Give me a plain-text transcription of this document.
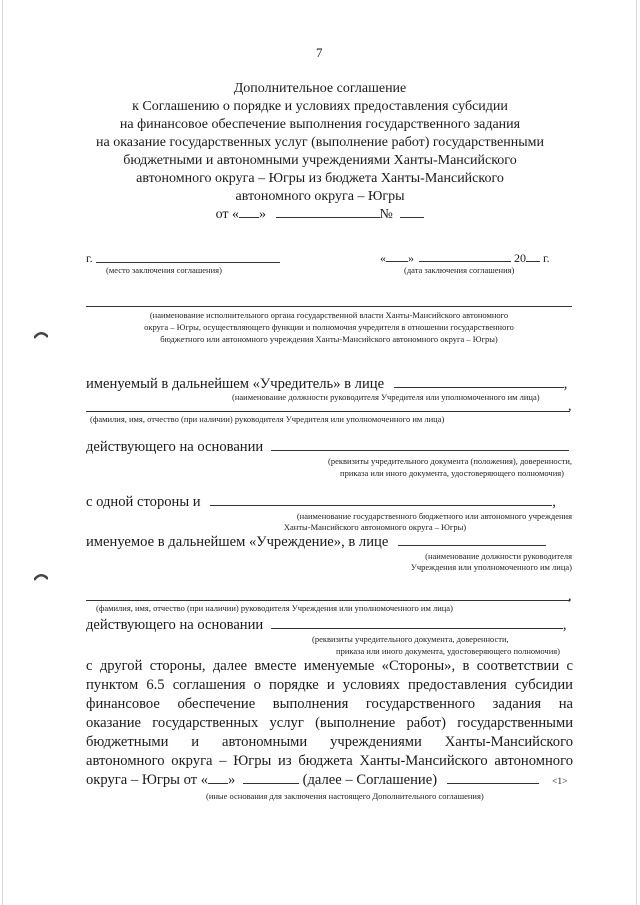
7
Дополнительное соглашение
к Соглашению о порядке и условиях предоставления субсидии
на финансовое обеспечение выполнения государственного задания
на оказание государственных услуг (выполнение работ) государственными
бюджетными и автономными учреждениями Ханты-Мансийского
автономного округа – Югры из бюджета Ханты-Мансийского
автономного округа – Югры
от « »	№
г.
(место заключения соглашения)
« »	20 г.
(дата заключения соглашения)
(наименование исполнительного органа государственной власти Ханты-Мансийского автономного
округа – Югры, осуществляющего функции и полномочия учредителя в отношении государственного
бюджетного или автономного учреждения Ханты-Мансийского автономного округа – Югры)
именуемый в дальнейшем «Учредитель» в лице	,
(наименование должности руководителя Учредителя или уполномоченного им лица)
,
(фамилия, имя, отчество (при наличии) руководителя Учредителя или уполномоченного им лица)
действующего на основании
(реквизиты учредительного документа (положения), доверенности,
приказа или иного документа, удостоверяющего полномочия)
с одной стороны и	,
(наименование государственного бюджетного или автономного учреждения
Ханты-Мансийского автономного округа – Югры)
именуемое в дальнейшем «Учреждение», в лице
(наименование должности руководителя
Учреждения или уполномоченного им лица)
,
(фамилия, имя, отчество (при наличии) руководителя Учреждения или уполномоченного им лица)
действующего на основании	,
(реквизиты учредительного документа, доверенности,
приказа или иного документа, удостоверяющего полномочия)
с другой стороны, далее вместе именуемые «Стороны», в соответствии с
пунктом 6.5 соглашения о порядке и условиях предоставления субсидии
финансовое обеспечение выполнения государственного задания на
оказание государственных услуг (выполнение работ) государственными
бюджетными и автономными учреждениями Ханты-Мансийского
автономного округа – Югры из бюджета Ханты-Мансийского автономного
округа – Югры от « »	(далее – Соглашение)	<1>
(иные основания для заключения настоящего Дополнительного соглашения)
